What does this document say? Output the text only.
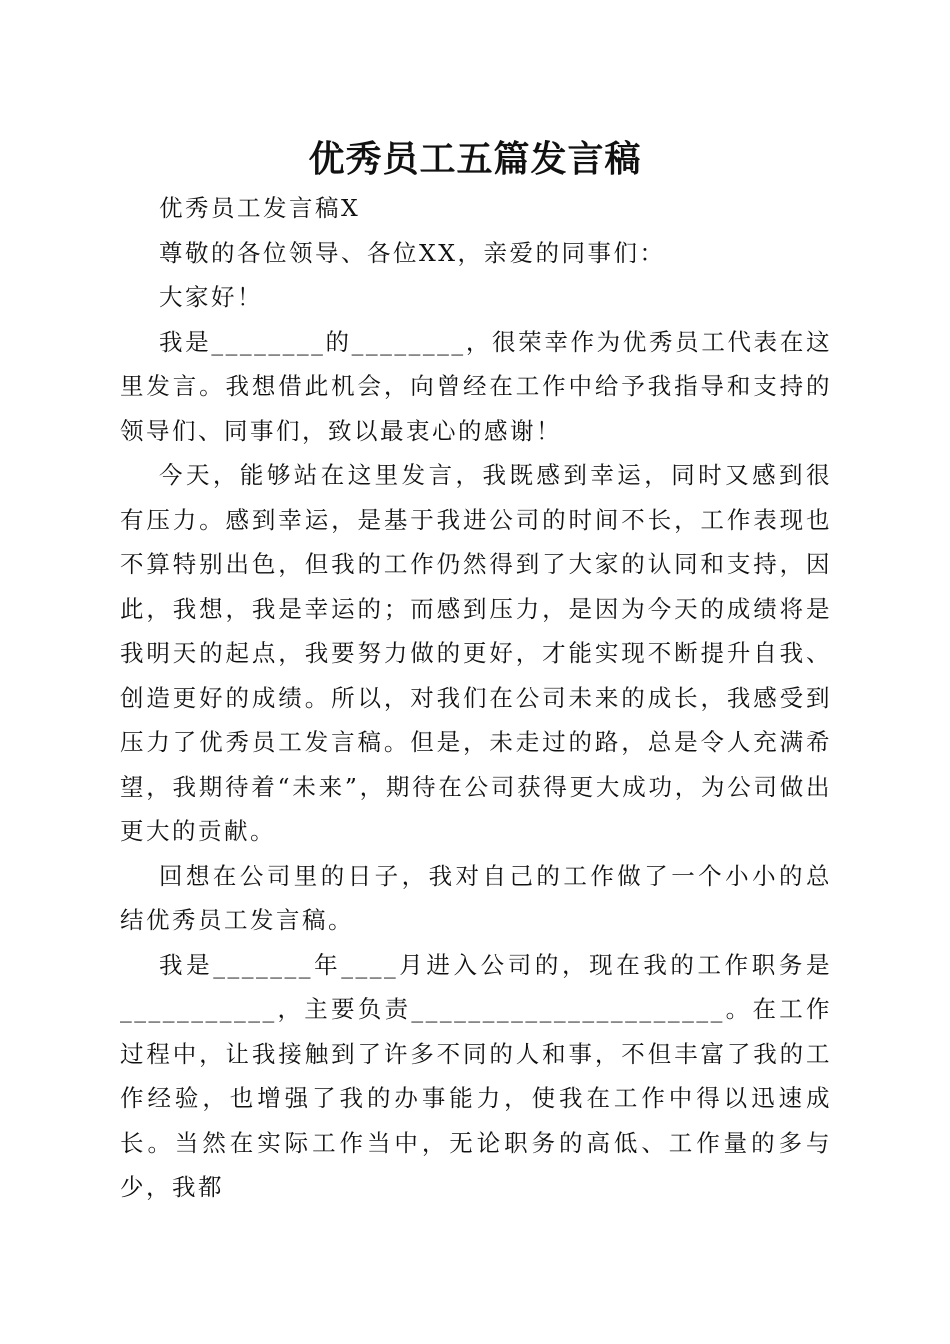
优秀员工五篇发言稿

优秀员工发言稿X

尊敬的各位领导、各位XX，亲爱的同事们：

大家好！

我是________的________，很荣幸作为优秀员工代表在这里发言。我想借此机会，向曾经在工作中给予我指导和支持的领导们、同事们，致以最衷心的感谢！

今天，能够站在这里发言，我既感到幸运，同时又感到很有压力。感到幸运，是基于我进公司的时间不长，工作表现也不算特别出色，但我的工作仍然得到了大家的认同和支持，因此，我想，我是幸运的；而感到压力，是因为今天的成绩将是我明天的起点，我要努力做的更好，才能实现不断提升自我、创造更好的成绩。所以，对我们在公司未来的成长，我感受到压力了优秀员工发言稿。但是，未走过的路，总是令人充满希望，我期待着“未来”，期待在公司获得更大成功，为公司做出更大的贡献。

回想在公司里的日子，我对自己的工作做了一个小小的总结优秀员工发言稿。

我是_______年____月进入公司的，现在我的工作职务是___________，主要负责______________________。在工作过程中，让我接触到了许多不同的人和事，不但丰富了我的工作经验，也增强了我的办事能力，使我在工作中得以迅速成长。当然在实际工作当中，无论职务的高低、工作量的多与少，我都
